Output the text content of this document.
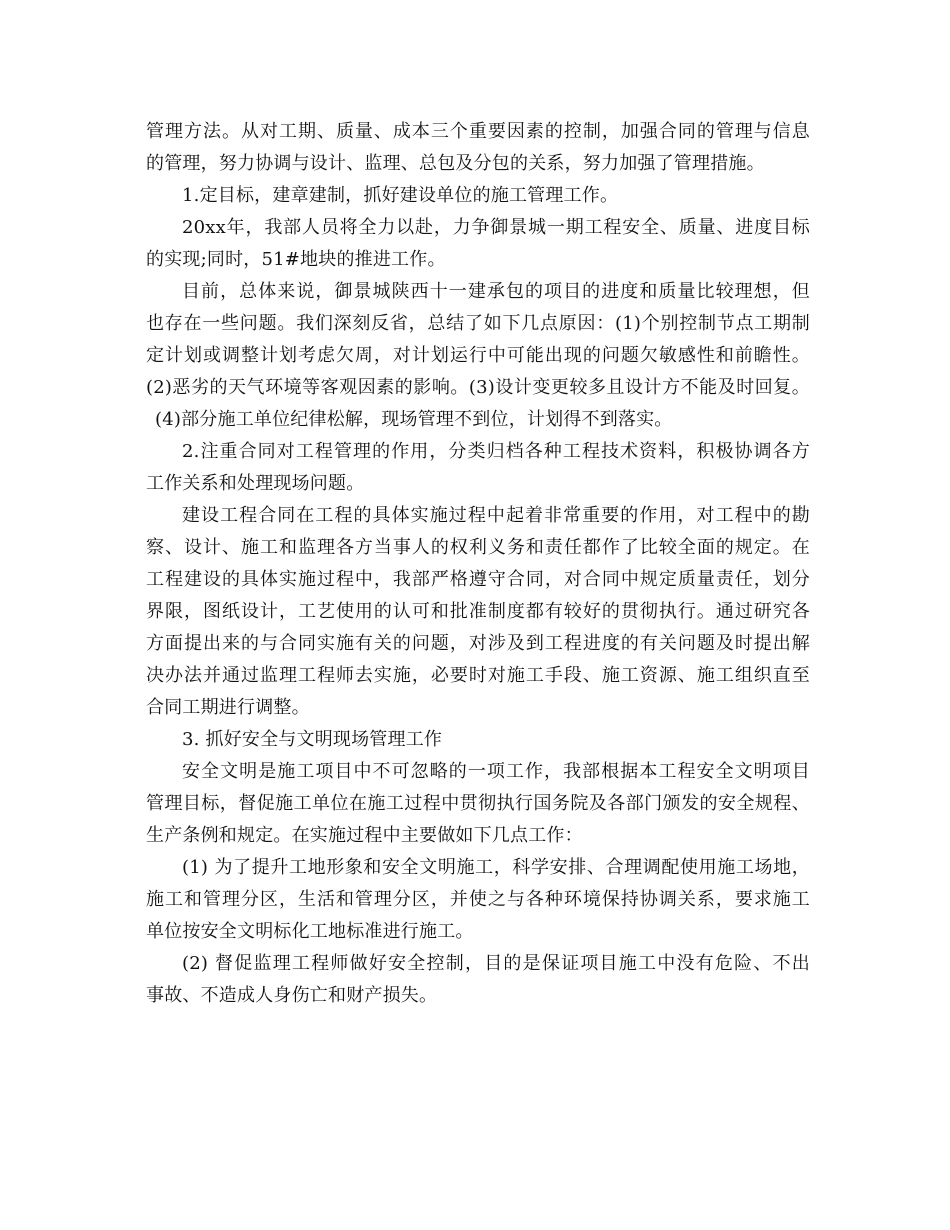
管理方法。从对工期、质量、成本三个重要因素的控制，加强合同的管理与信息
的管理，努力协调与设计、监理、总包及分包的关系，努力加强了管理措施。
1.定目标，建章建制，抓好建设单位的施工管理工作。
20xx年，我部人员将全力以赴，力争御景城一期工程安全、质量、进度目标
的实现;同时，51#地块的推进工作。
目前，总体来说，御景城陕西十一建承包的项目的进度和质量比较理想，但
也存在一些问题。我们深刻反省，总结了如下几点原因：(1)个别控制节点工期制
定计划或调整计划考虑欠周，对计划运行中可能出现的问题欠敏感性和前瞻性。
(2)恶劣的天气环境等客观因素的影响。(3)设计变更较多且设计方不能及时回复。
(4)部分施工单位纪律松解，现场管理不到位，计划得不到落实。
2.注重合同对工程管理的作用，分类归档各种工程技术资料，积极协调各方
工作关系和处理现场问题。
建设工程合同在工程的具体实施过程中起着非常重要的作用，对工程中的勘
察、设计、施工和监理各方当事人的权利义务和责任都作了比较全面的规定。在
工程建设的具体实施过程中，我部严格遵守合同，对合同中规定质量责任，划分
界限，图纸设计，工艺使用的认可和批准制度都有较好的贯彻执行。通过研究各
方面提出来的与合同实施有关的问题，对涉及到工程进度的有关问题及时提出解
决办法并通过监理工程师去实施，必要时对施工手段、施工资源、施工组织直至
合同工期进行调整。
3. 抓好安全与文明现场管理工作
安全文明是施工项目中不可忽略的一项工作，我部根据本工程安全文明项目
管理目标，督促施工单位在施工过程中贯彻执行国务院及各部门颁发的安全规程、
生产条例和规定。在实施过程中主要做如下几点工作：
(1) 为了提升工地形象和安全文明施工，科学安排、合理调配使用施工场地，
施工和管理分区，生活和管理分区，并使之与各种环境保持协调关系，要求施工
单位按安全文明标化工地标准进行施工。
(2) 督促监理工程师做好安全控制，目的是保证项目施工中没有危险、不出
事故、不造成人身伤亡和财产损失。
